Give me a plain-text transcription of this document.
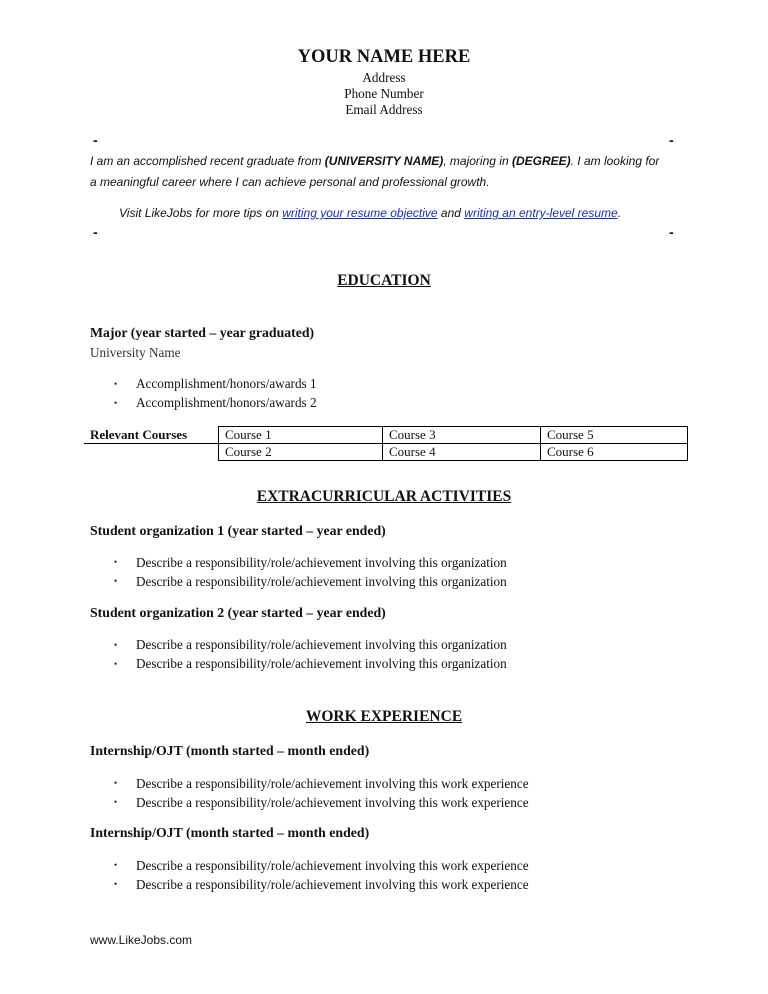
YOUR NAME HERE
Address
Phone Number
Email Address
-	-
I am an accomplished recent graduate from (UNIVERSITY NAME), majoring in (DEGREE). I am looking for
a meaningful career where I can achieve personal and professional growth.
Visit LikeJobs for more tips on writing your resume objective and writing an entry-level resume.
-	-
EDUCATION
Major (year started – year graduated)
University Name
• Accomplishment/honors/awards 1
• Accomplishment/honors/awards 2
Relevant Courses	Course 1	Course 3	Course 5
	Course 2	Course 4	Course 6
EXTRACURRICULAR ACTIVITIES
Student organization 1 (year started – year ended)
• Describe a responsibility/role/achievement involving this organization
• Describe a responsibility/role/achievement involving this organization
Student organization 2 (year started – year ended)
• Describe a responsibility/role/achievement involving this organization
• Describe a responsibility/role/achievement involving this organization
WORK EXPERIENCE
Internship/OJT (month started – month ended)
• Describe a responsibility/role/achievement involving this work experience
• Describe a responsibility/role/achievement involving this work experience
Internship/OJT (month started – month ended)
• Describe a responsibility/role/achievement involving this work experience
• Describe a responsibility/role/achievement involving this work experience
www.LikeJobs.com
